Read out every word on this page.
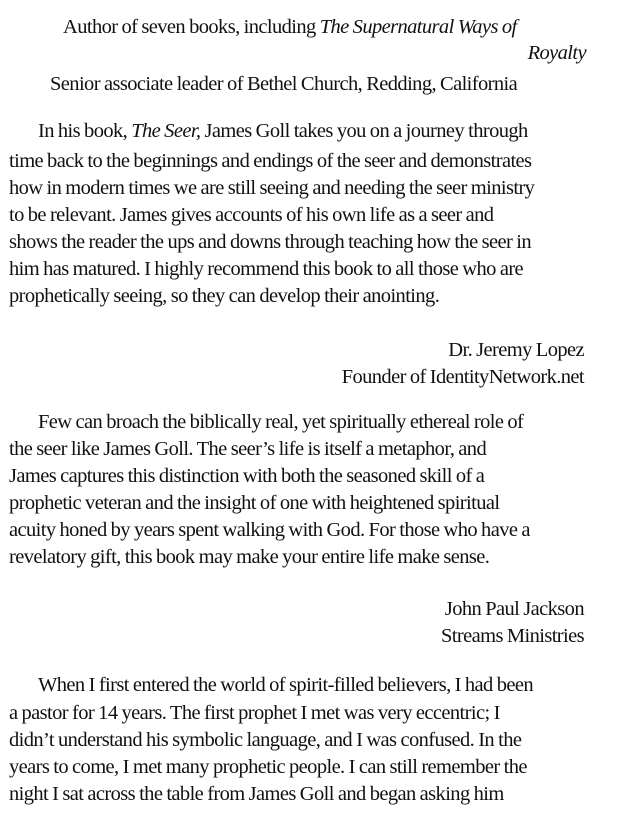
Author of seven books, including The Supernatural Ways of
Royalty
Senior associate leader of Bethel Church, Redding, California
In his book, The Seer, James Goll takes you on a journey through
time back to the beginnings and endings of the seer and demonstrates
how in modern times we are still seeing and needing the seer ministry
to be relevant. James gives accounts of his own life as a seer and
shows the reader the ups and downs through teaching how the seer in
him has matured. I highly recommend this book to all those who are
prophetically seeing, so they can develop their anointing.
Dr. Jeremy Lopez
Founder of IdentityNetwork.net
Few can broach the biblically real, yet spiritually ethereal role of
the seer like James Goll. The seer’s life is itself a metaphor, and
James captures this distinction with both the seasoned skill of a
prophetic veteran and the insight of one with heightened spiritual
acuity honed by years spent walking with God. For those who have a
revelatory gift, this book may make your entire life make sense.
John Paul Jackson
Streams Ministries
When I first entered the world of spirit-filled believers, I had been
a pastor for 14 years. The first prophet I met was very eccentric; I
didn’t understand his symbolic language, and I was confused. In the
years to come, I met many prophetic people. I can still remember the
night I sat across the table from James Goll and began asking him
